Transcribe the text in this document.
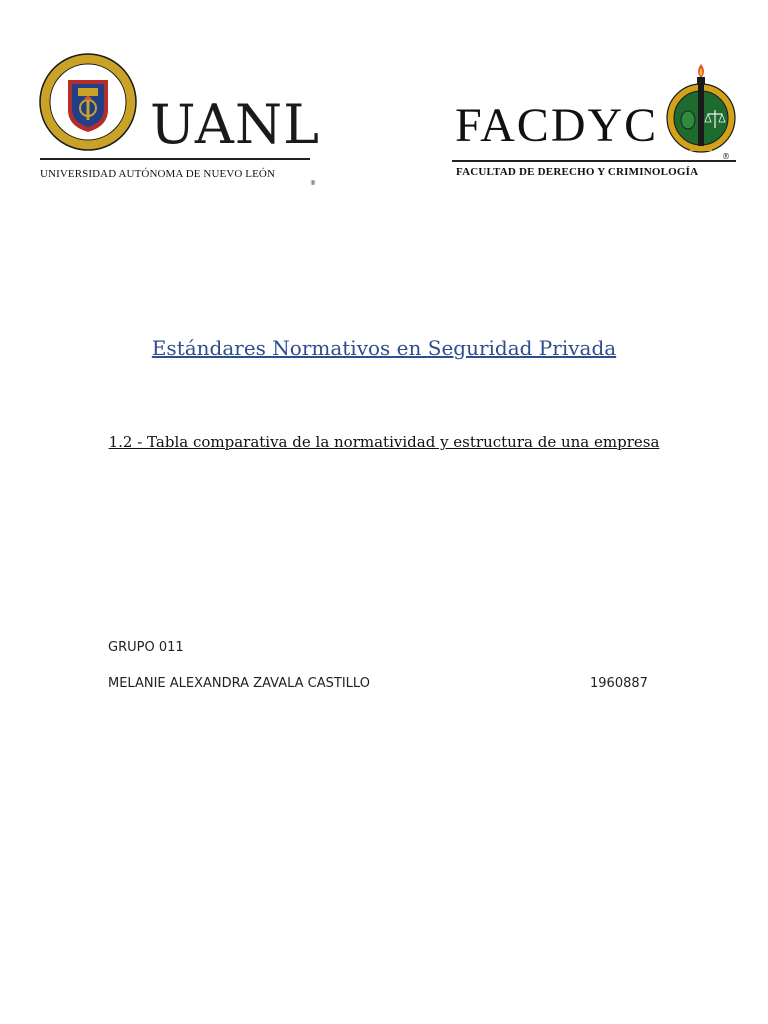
UANL
UNIVERSIDAD AUTÓNOMA DE NUEVO LEÓN
®
FACDYC
®
FACULTAD DE DERECHO Y CRIMINOLOGÍA
Estándares Normativos en Seguridad Privada
1.2 - Tabla comparativa de la normatividad y estructura de una empresa
GRUPO 011
MELANIE ALEXANDRA ZAVALA CASTILLO	1960887
